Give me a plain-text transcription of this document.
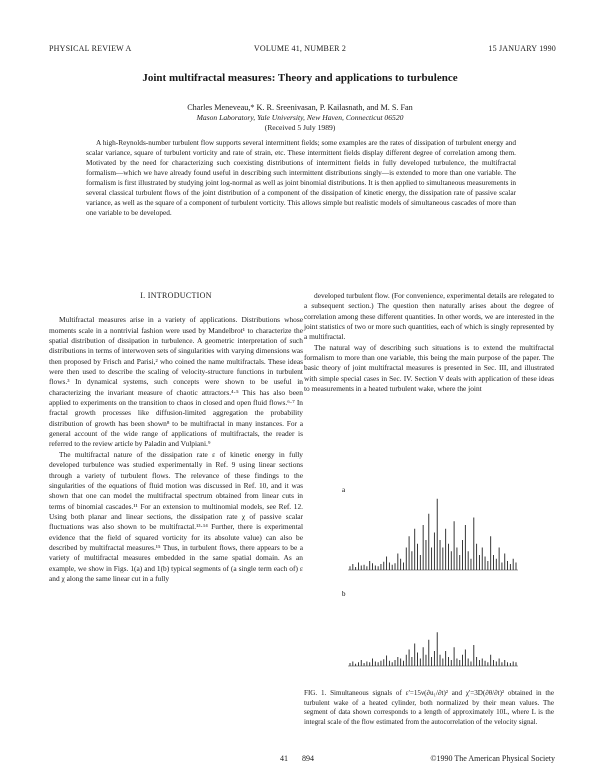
PHYSICAL REVIEW A	VOLUME 41, NUMBER 2	15 JANUARY 1990
Joint multifractal measures: Theory and applications to turbulence
Charles Meneveau,* K. R. Sreenivasan, P. Kailasnath, and M. S. Fan
Mason Laboratory, Yale University, New Haven, Connecticut 06520
(Received 5 July 1989)
A high-Reynolds-number turbulent flow supports several intermittent fields; some examples are the rates of dissipation of turbulent energy and scalar variance, square of turbulent vorticity and rate of strain, etc. These intermittent fields display different degree of correlation among them. Motivated by the need for characterizing such coexisting distributions of intermittent fields in fully developed turbulence, the multifractal formalism—which we have already found useful in describing such intermittent distributions singly—is extended to more than one variable. The formalism is first illustrated by studying joint log-normal as well as joint binomial distributions. It is then applied to simultaneous measurements in several classical turbulent flows of the joint distribution of a component of the dissipation of kinetic energy, the dissipation rate of passive scalar variance, as well as the square of a component of turbulent vorticity. This allows simple but realistic models of simultaneous cascades of more than one variable to be developed.
I. INTRODUCTION

Multifractal measures arise in a variety of applications. Distributions whose moments scale in a nontrivial fashion were used by Mandelbrot¹ to characterize the spatial distribution of dissipation in turbulence. A geometric interpretation of such distributions in terms of interwoven sets of singularities with varying dimensions was then proposed by Frisch and Parisi,² who coined the name multifractals. These ideas were then used to describe the scaling of velocity-structure functions in turbulent flows.³ In dynamical systems, such concepts were shown to be useful in characterizing the invariant measure of chaotic attractors.⁴·⁵ This has also been applied to experiments on the transition to chaos in closed and open fluid flows.⁶·⁷ In fractal growth processes like diffusion-limited aggregation the probability distribution of growth has been shown⁸ to be multifractal in many instances. For a general account of the wide range of applications of multifractals, the reader is referred to the review article by Paladin and Vulpiani.⁹

The multifractal nature of the dissipation rate ε of kinetic energy in fully developed turbulence was studied experimentally in Ref. 9 using linear sections through a variety of turbulent flows. The relevance of these findings to the singularities of the equations of fluid motion was discussed in Ref. 10, and it was shown that one can model the multifractal spectrum obtained from linear cuts in terms of binomial cascades.¹¹ For an extension to multinomial models, see Ref. 12. Using both planar and linear sections, the dissipation rate χ of passive scalar fluctuations was also shown to be multifractal.¹³·¹⁴ Further, there is experimental evidence that the field of squared vorticity for its absolute value) can also be described by multifractal measures.¹⁵ Thus, in turbulent flows, there appears to be a variety of multifractal measures embedded in the same spatial domain. As an example, we show in Figs. 1(a) and 1(b) typical segments of (a single term each of) ε and χ along the same linear cut in a fully

developed turbulent flow. (For convenience, experimental details are relegated to a subsequent section.) The question then naturally arises about the degree of correlation among these different quantities. In other words, we are interested in the joint statistics of two or more such quantities, each of which is singly represented by a multifractal.

The natural way of describing such situations is to extend the multifractal formalism to more than one variable, this being the main purpose of the paper. The basic theory of joint multifractal measures is presented in Sec. III, and illustrated with simple special cases in Sec. IV. Section V deals with application of these ideas to measurements in a heated turbulent wake, where the joint

a
b
FIG. 1. Simultaneous signals of ε'=15ν(∂u₁/∂t)² and χ'=3D(∂θ/∂t)² obtained in the turbulent wake of a heated cylinder, both normalized by their mean values. The segment of data shown corresponds to a length of approximately 10L, where L is the integral scale of the flow estimated from the autocorrelation of the velocity signal.
41 894	©1990 The American Physical Society
